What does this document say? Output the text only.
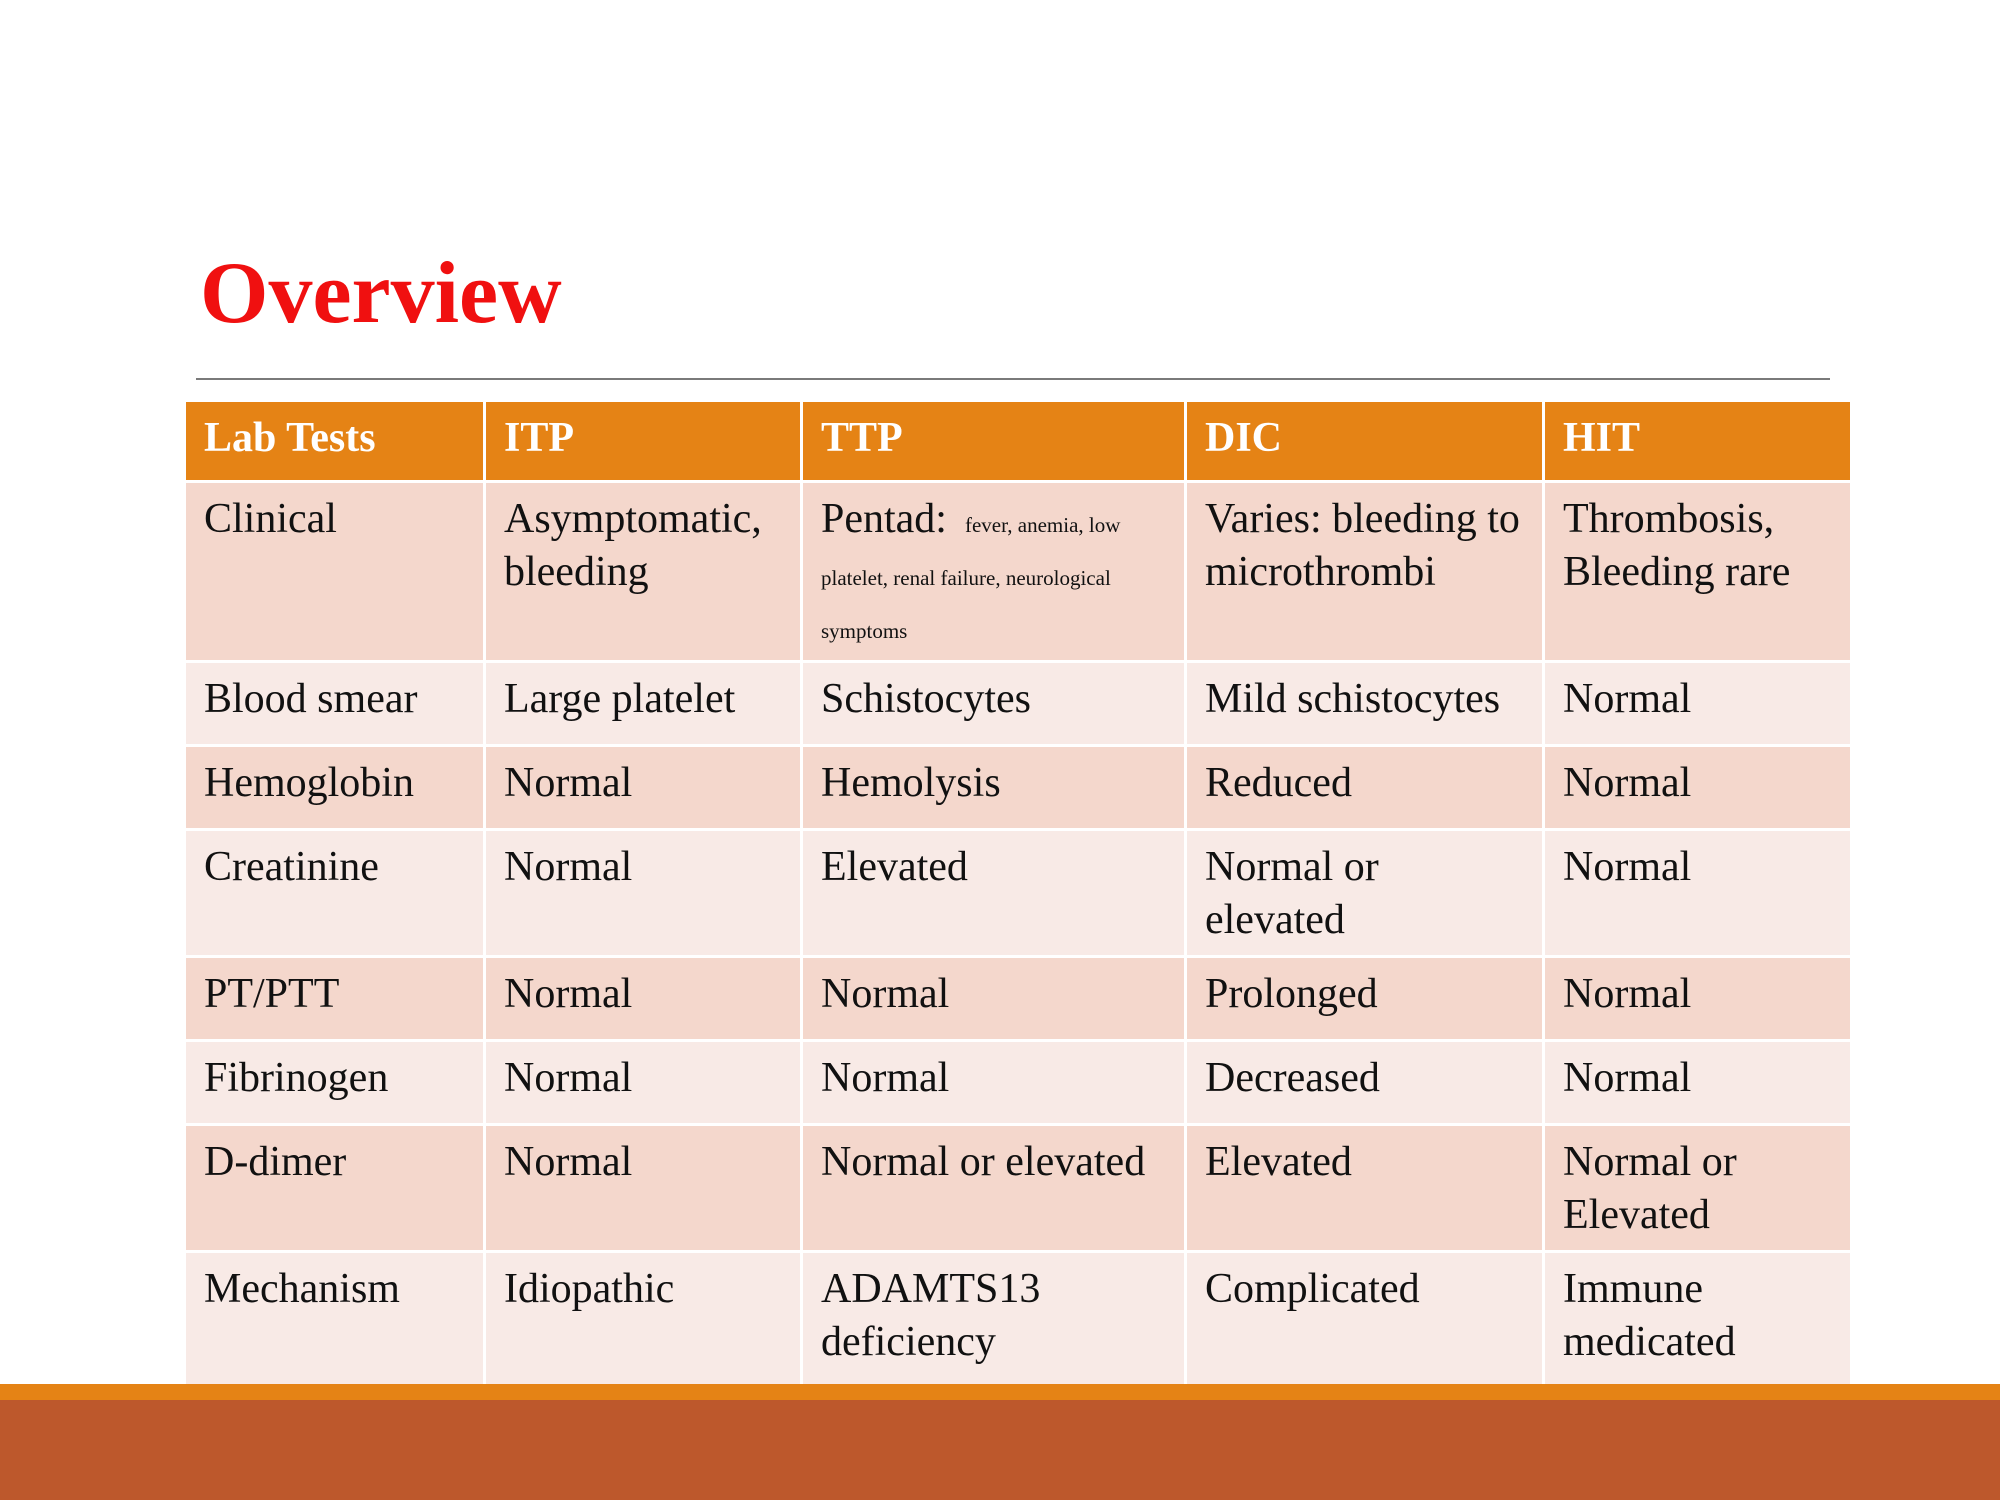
Overview
Lab Tests	ITP	TTP	DIC	HIT
Clinical	Asymptomatic, bleeding	Pentad: fever, anemia, low platelet, renal failure, neurological symptoms	Varies: bleeding to microthrombi	Thrombosis, Bleeding rare
Blood smear	Large platelet	Schistocytes	Mild schistocytes	Normal
Hemoglobin	Normal	Hemolysis	Reduced	Normal
Creatinine	Normal	Elevated	Normal or elevated	Normal
PT/PTT	Normal	Normal	Prolonged	Normal
Fibrinogen	Normal	Normal	Decreased	Normal
D-dimer	Normal	Normal or elevated	Elevated	Normal or Elevated
Mechanism	Idiopathic	ADAMTS13 deficiency	Complicated	Immune medicated
